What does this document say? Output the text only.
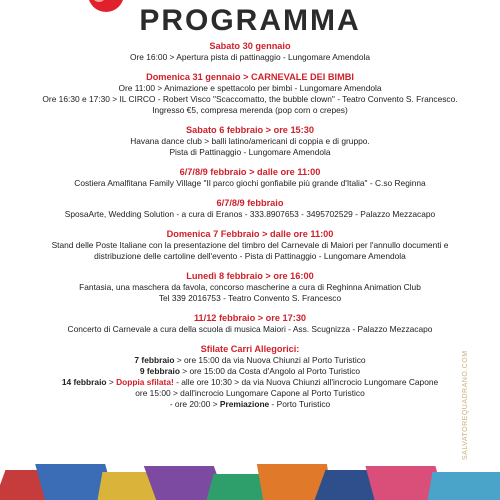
PROGRAMMA
Sabato 30 gennaio
Ore 16:00 > Apertura pista di pattinaggio - Lungomare Amendola
Domenica 31 gennaio > CARNEVALE DEI BIMBI
Ore 11:00 > Animazione e spettacolo per bimbi - Lungomare Amendola
Ore 16:30 e 17:30 > IL CIRCO - Robert Visco "Scaccomatto, the bubble clown" - Teatro Convento S. Francesco.
Ingresso €5, compresa merenda (pop corn o crepes)
Sabato 6 febbraio > ore 15:30
Havana dance club > balli latino/americani di coppia e di gruppo.
Pista di Pattinaggio - Lungomare Amendola
6/7/8/9 febbraio > dalle ore 11:00
Costiera Amalfitana Family Village "Il parco giochi gonfiabile più grande d'Italia" - C.so Reginna
6/7/8/9 febbraio
SposaArte, Wedding Solution - a cura di Eranos - 333.8907653 - 3495702529 - Palazzo Mezzacapo
Domenica 7 Febbraio > dalle ore 11:00
Stand delle Poste Italiane con la presentazione del timbro del Carnevale di Maiori per l'annullo documenti e
distribuzione delle cartoline dell'evento - Pista di Pattinaggio - Lungomare Amendola
Lunedì 8 febbraio > ore 16:00
Fantasia, una maschera da favola, concorso mascherine a cura di Reghinna Animation Club
Tel 339 2016753 - Teatro Convento S. Francesco
11/12 febbraio > ore 17:30
Concerto di Carnevale a cura della scuola di musica Maiori - Ass. Scugnizza - Palazzo Mezzacapo
Sfilate Carri Allegorici:
7 febbraio > ore 15:00 da via Nuova Chiunzi al Porto Turistico
9 febbraio > ore 15:00 da Costa d'Angolo al Porto Turistico
14 febbraio > Doppia sfilata! - alle ore 10:30 > da via Nuova Chiunzi all'incrocio Lungomare Capone
ore 15:00 > dall'incrocio Lungomare Capone al Porto Turistico
- ore 20:00 > Premiazione - Porto Turistico	SALVATOREQUADRANO.COM
